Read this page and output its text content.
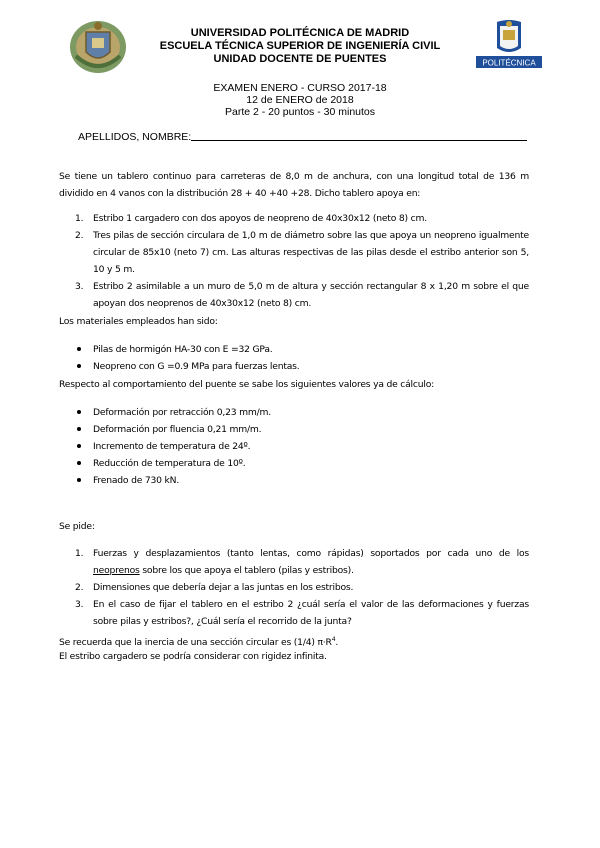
UNIVERSIDAD POLITÉCNICA DE MADRID
ESCUELA TÉCNICA SUPERIOR DE INGENIERÍA CIVIL
UNIDAD DOCENTE DE PUENTES	POLITÉCNICA
EXAMEN ENERO - CURSO 2017-18
12 de ENERO de 2018
Parte 2 - 20 puntos - 30 minutos
APELLIDOS, NOMBRE:
Se tiene un tablero continuo para carreteras de 8,0 m de anchura, con una longitud total de 136 m dividido en 4 vanos con la distribución 28 + 40 +40 +28. Dicho tablero apoya en:
1. Estribo 1 cargadero con dos apoyos de neopreno de 40x30x12 (neto 8) cm.
2. Tres pilas de sección circulara de 1,0 m de diámetro sobre las que apoya un neopreno igualmente circular de 85x10 (neto 7) cm. Las alturas respectivas de las pilas desde el estribo anterior son 5, 10 y 5 m.
3. Estribo 2 asimilable a un muro de 5,0 m de altura y sección rectangular 8 x 1,20 m sobre el que apoyan dos neoprenos de 40x30x12 (neto 8) cm.
Los materiales empleados han sido:
Pilas de hormigón HA-30 con E =32 GPa.
Neopreno con G =0.9 MPa para fuerzas lentas.
Respecto al comportamiento del puente se sabe los siguientes valores ya de cálculo:
Deformación por retracción 0,23 mm/m.
Deformación por fluencia 0,21 mm/m.
Incremento de temperatura de 24º.
Reducción de temperatura de 10º.
Frenado de 730 kN.
Se pide:
1. Fuerzas y desplazamientos (tanto lentas, como rápidas) soportados por cada uno de los neoprenos sobre los que apoya el tablero (pilas y estribos).
2. Dimensiones que debería dejar a las juntas en los estribos.
3. En el caso de fijar el tablero en el estribo 2 ¿cuál sería el valor de las deformaciones y fuerzas sobre pilas y estribos?, ¿Cuál sería el recorrido de la junta?
Se recuerda que la inercia de una sección circular es (1/4) $\pi\cdot R^4$.
El estribo cargadero se podría considerar con rigidez infinita.
